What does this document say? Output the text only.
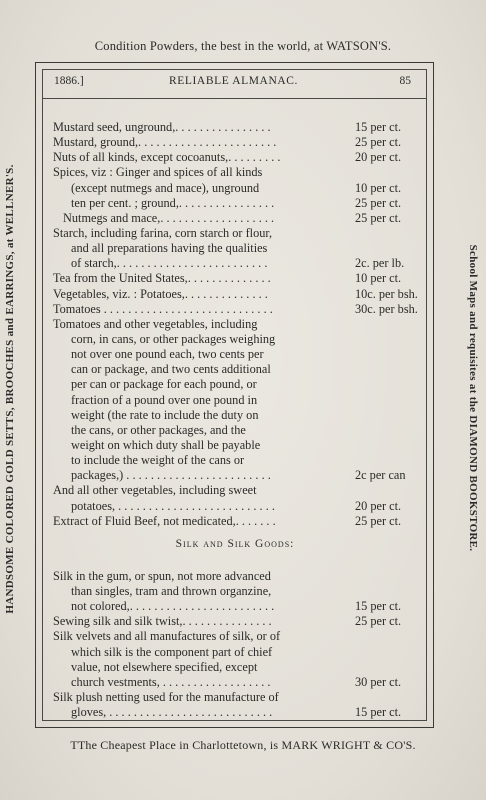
Condition Powders, the best in the world, at WATSON'S.
HANDSOME COLORED GOLD SETTS, BROOCHES and EARRINGS, at WELLNER'S.	School Maps and requisites at the DIAMOND BOOKSTORE.
1886.]	RELIABLE ALMANAC.	85
Mustard seed, unground,. . . . . . . . . . . . . . . .	15 per ct.
Mustard, ground,. . . . . . . . . . . . . . . . . . . . . . .	25 per ct.
Nuts of all kinds, except cocoanuts,. . . . . . . . .	20 per ct.
Spices, viz : Ginger and spices of all kinds
(except nutmegs and mace), unground	10 per ct.
ten per cent. ; ground,. . . . . . . . . . . . . . . .	25 per ct.
Nutmegs and mace,. . . . . . . . . . . . . . . . . . .	25 per ct.
Starch, including farina, corn starch or flour,
and all preparations having the qualities
of starch,. . . . . . . . . . . . . . . . . . . . . . . . .	2c. per lb.
Tea from the United States,. . . . . . . . . . . . . .	10 per ct.
Vegetables, viz. : Potatoes,. . . . . . . . . . . . . .	10c. per bsh.
Tomatoes . . . . . . . . . . . . . . . . . . . . . . . . . . . .	30c. per bsh.
Tomatoes and other vegetables, including
corn, in cans, or other packages weighing
not over one pound each, two cents per
can or package, and two cents additional
per can or package for each pound, or
fraction of a pound over one pound in
weight (the rate to include the duty on
the cans, or other packages, and the
weight on which duty shall be payable
to include the weight of the cans or
packages,) . . . . . . . . . . . . . . . . . . . . . . . .	2c per can
And all other vegetables, including sweet
potatoes, . . . . . . . . . . . . . . . . . . . . . . . . . .	20 per ct.
Extract of Fluid Beef, not medicated,. . . . . . .	25 per ct.
Silk and Silk Goods:
Silk in the gum, or spun, not more advanced
than singles, tram and thrown organzine,
not colored,. . . . . . . . . . . . . . . . . . . . . . . .	15 per ct.
Sewing silk and silk twist,. . . . . . . . . . . . . . .	25 per ct.
Silk velvets and all manufactures of silk, or of
which silk is the component part of chief
value, not elsewhere specified, except
church vestments, . . . . . . . . . . . . . . . . . .	30 per ct.
Silk plush netting used for the manufacture of
gloves, . . . . . . . . . . . . . . . . . . . . . . . . . . .	15 per ct.
TThe Cheapest Place in Charlottetown, is MARK WRIGHT & CO'S.
